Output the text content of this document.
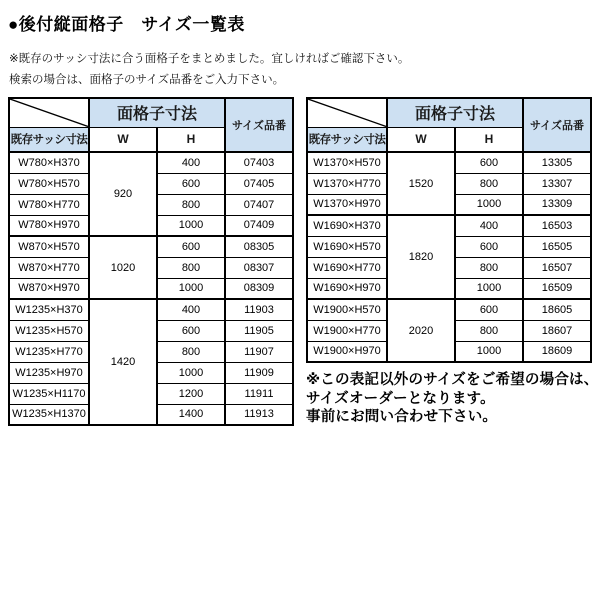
●後付縦面格子　サイズ一覧表
※既存のサッシ寸法に合う面格子をまとめました。宜しければご確認下さい。
検索の場合は、面格子のサイズ品番をご入力下さい。
	面格子寸法		サイズ品番
既存サッシ寸法	W	H	
W780×H370	920	400	07403
W780×H570		600	07405
W780×H770		800	07407
W780×H970		1000	07409
W870×H570	1020	600	08305
W870×H770		800	08307
W870×H970		1000	08309
W1235×H370	1420	400	11903
W1235×H570		600	11905
W1235×H770		800	11907
W1235×H970		1000	11909
W1235×H1170		1200	11911
W1235×H1370		1400	11913
	面格子寸法		サイズ品番
既存サッシ寸法	W	H	
W1370×H570	1520	600	13305
W1370×H770		800	13307
W1370×H970		1000	13309
W1690×H370	1820	400	16503
W1690×H570		600	16505
W1690×H770		800	16507
W1690×H970		1000	16509
W1900×H570	2020	600	18605
W1900×H770		800	18607
W1900×H970		1000	18609
※この表記以外のサイズをご希望の場合は、
サイズオーダーとなります。
事前にお問い合わせ下さい。
